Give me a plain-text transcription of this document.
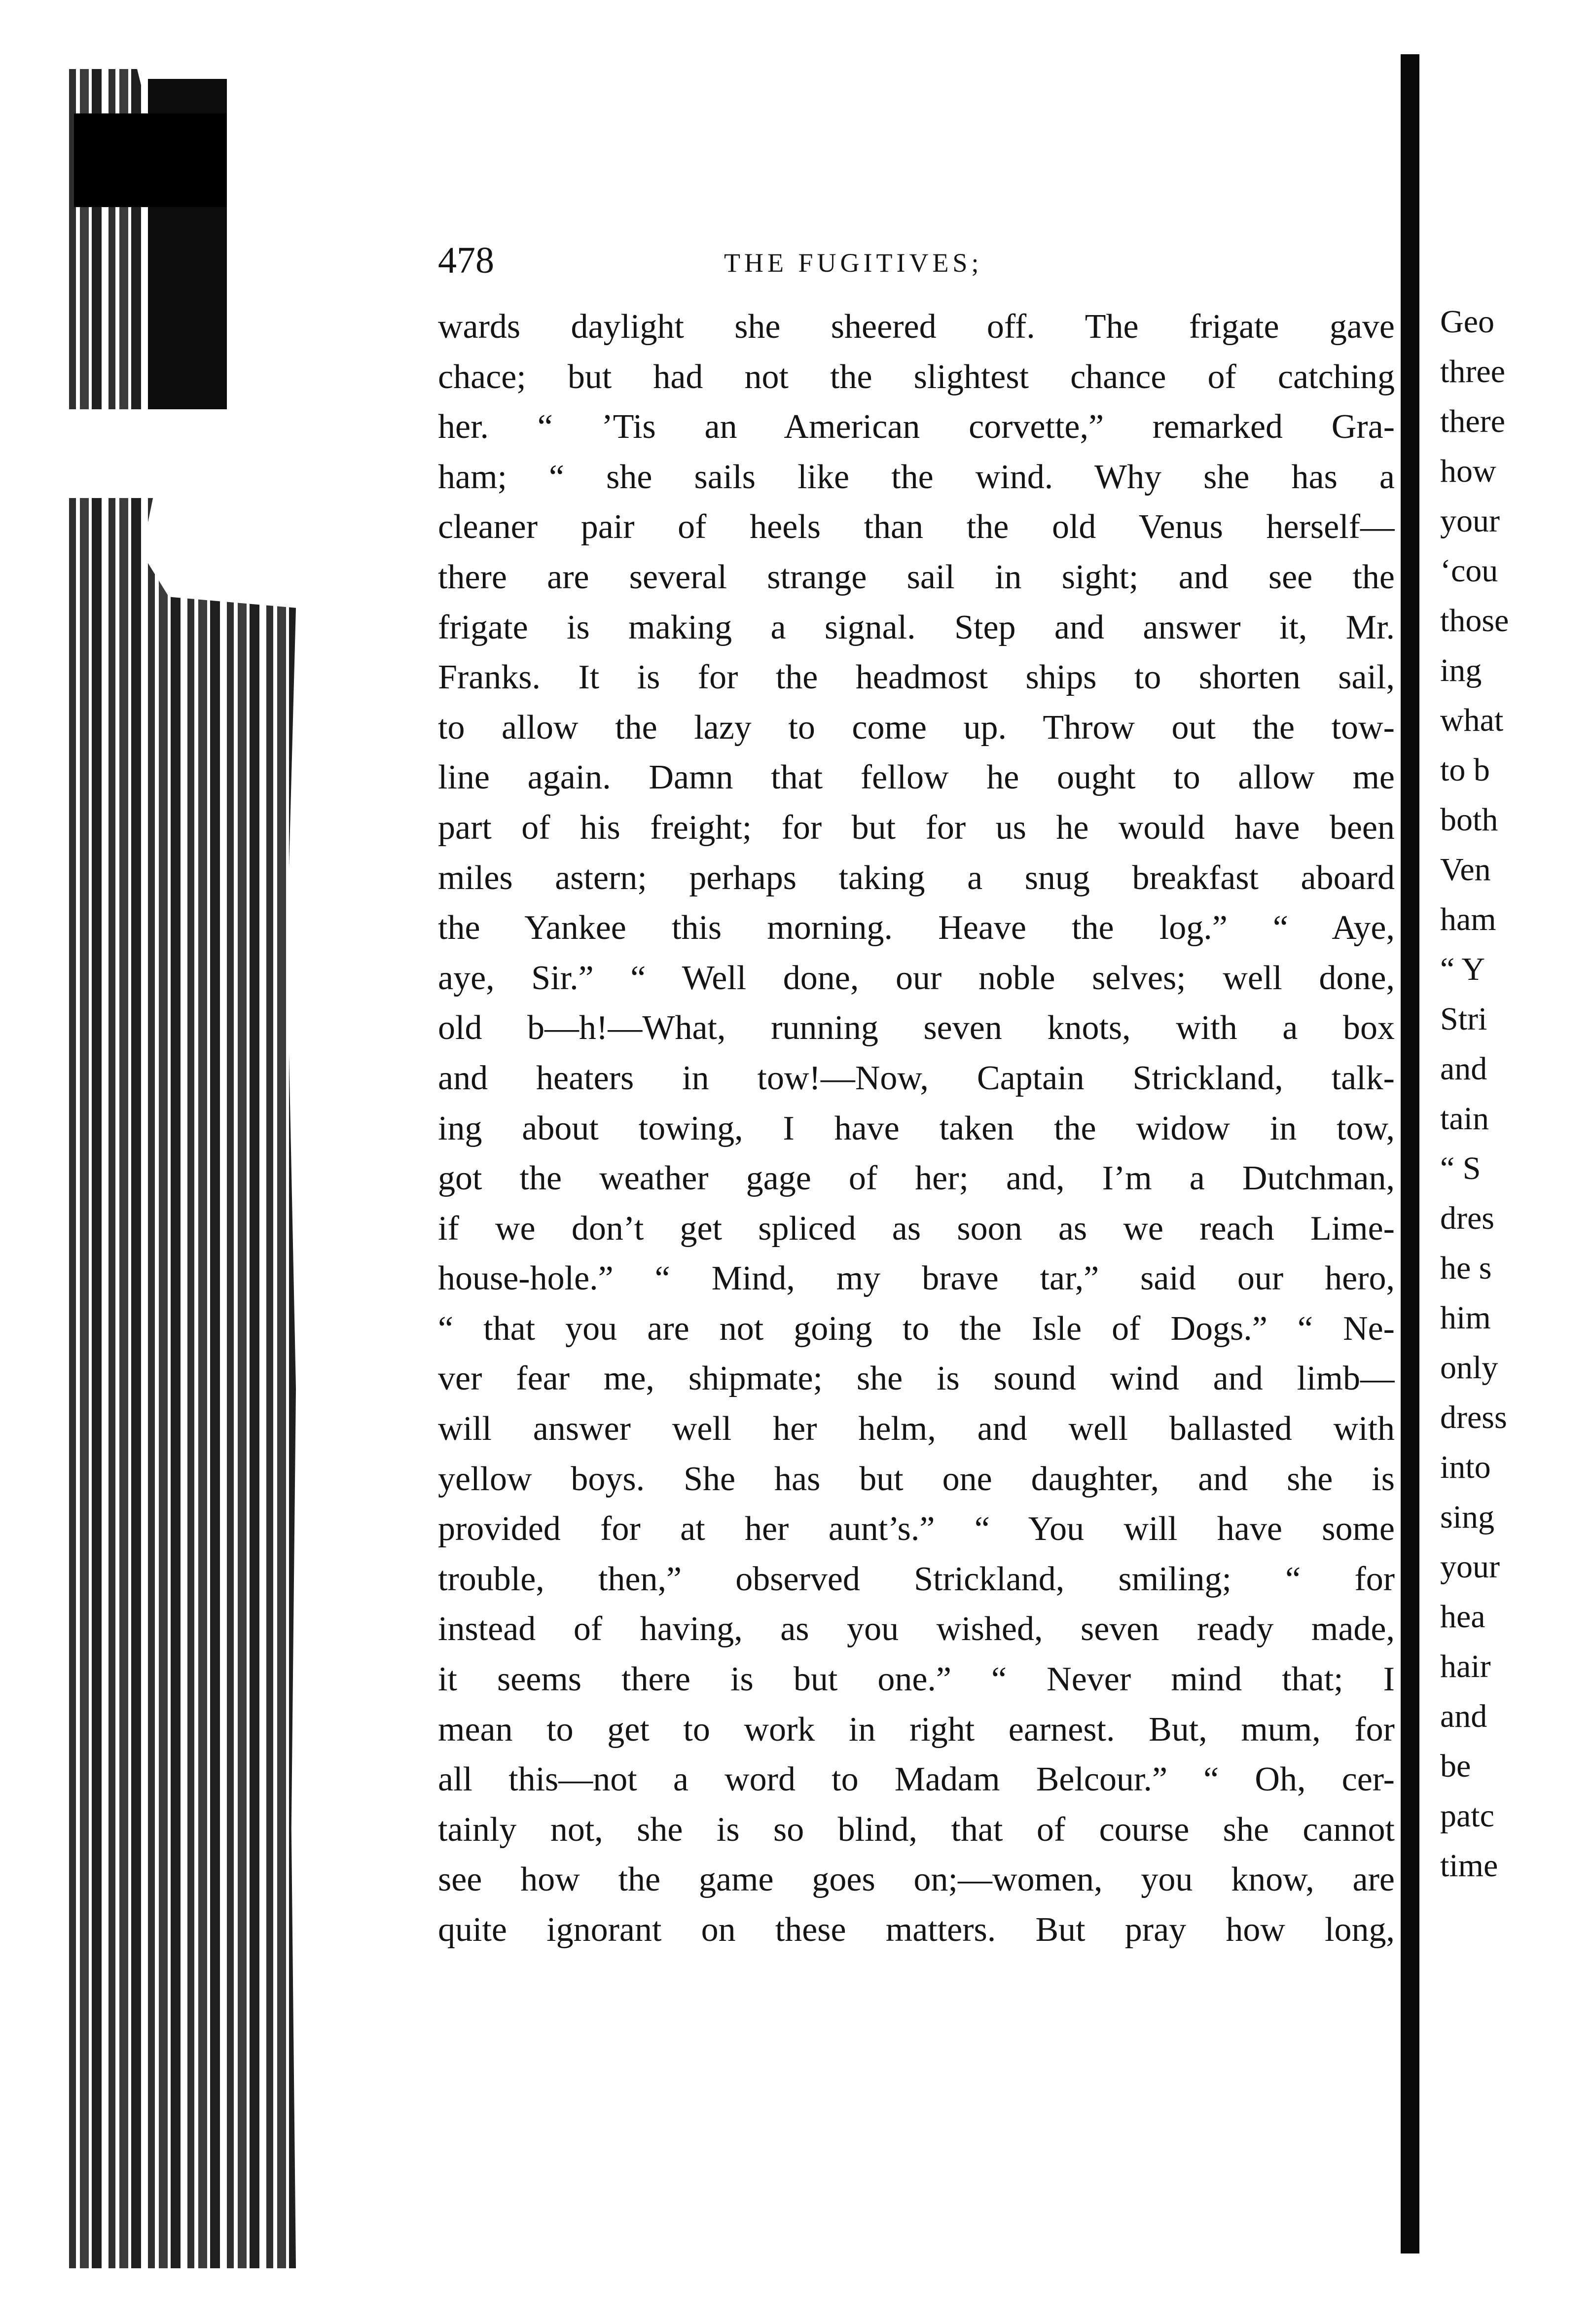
478	THE FUGITIVES;
wards daylight she sheered off. The frigate gave
chace; but had not the slightest chance of catching
her. “ ’Tis an American corvette,” remarked Gra-
ham; “ she sails like the wind. Why she has a
cleaner pair of heels than the old Venus herself—
there are several strange sail in sight; and see the
frigate is making a signal. Step and answer it, Mr.
Franks. It is for the headmost ships to shorten sail,
to allow the lazy to come up. Throw out the tow-
line again. Damn that fellow he ought to allow me
part of his freight; for but for us he would have been
miles astern; perhaps taking a snug breakfast aboard
the Yankee this morning. Heave the log.” “ Aye,
aye, Sir.” “ Well done, our noble selves; well done,
old b—h!—What, running seven knots, with a box
and heaters in tow!—Now, Captain Strickland, talk-
ing about towing, I have taken the widow in tow,
got the weather gage of her; and, I’m a Dutchman,
if we don’t get spliced as soon as we reach Lime-
house-hole.” “ Mind, my brave tar,” said our hero,
“ that you are not going to the Isle of Dogs.” “ Ne-
ver fear me, shipmate; she is sound wind and limb—
will answer well her helm, and well ballasted with
yellow boys. She has but one daughter, and she is
provided for at her aunt’s.” “ You will have some
trouble, then,” observed Strickland, smiling; “ for
instead of having, as you wished, seven ready made,
it seems there is but one.” “ Never mind that; I
mean to get to work in right earnest. But, mum, for
all this—not a word to Madam Belcour.” “ Oh, cer-
tainly not, she is so blind, that of course she cannot
see how the game goes on;—women, you know, are
quite ignorant on these matters. But pray how long,
Geo
three
there
how
your
‘cou
those
ing
what
to b
both
Ven
ham
“ Y
Stri
and
tain
“ S
dres
he s
him
only
dress
into
sing
your
hea
hair
and
be
patc
time
